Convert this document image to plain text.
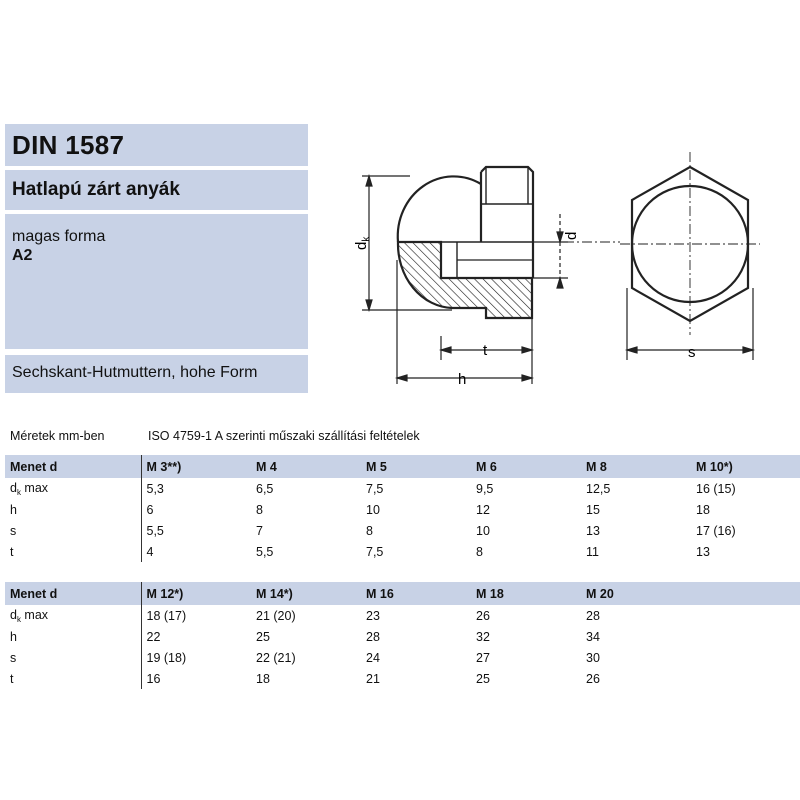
DIN 1587
Hatlapú zárt anyák
magas forma
A2
Sechskant-Hutmuttern, hohe Form
$d_k$	d
t
h
s
Méretek mm-ben	ISO 4759-1 A szerinti műszaki szállítási feltételek
Menet d	M 3**)	M 4	M 5	M 6	M 8	M 10*)
$d_k$ max	5,3	6,5	7,5	9,5	12,5	16 (15)
h	6	8	10	12	15	18
s	5,5	7	8	10	13	17 (16)
t	4	5,5	7,5	8	11	13
Menet d	M 12*)	M 14*)	M 16	M 18	M 20	
$d_k$ max	18 (17)	21 (20)	23	26	28	
h	22	25	28	32	34	
s	19 (18)	22 (21)	24	27	30	
t	16	18	21	25	26	
